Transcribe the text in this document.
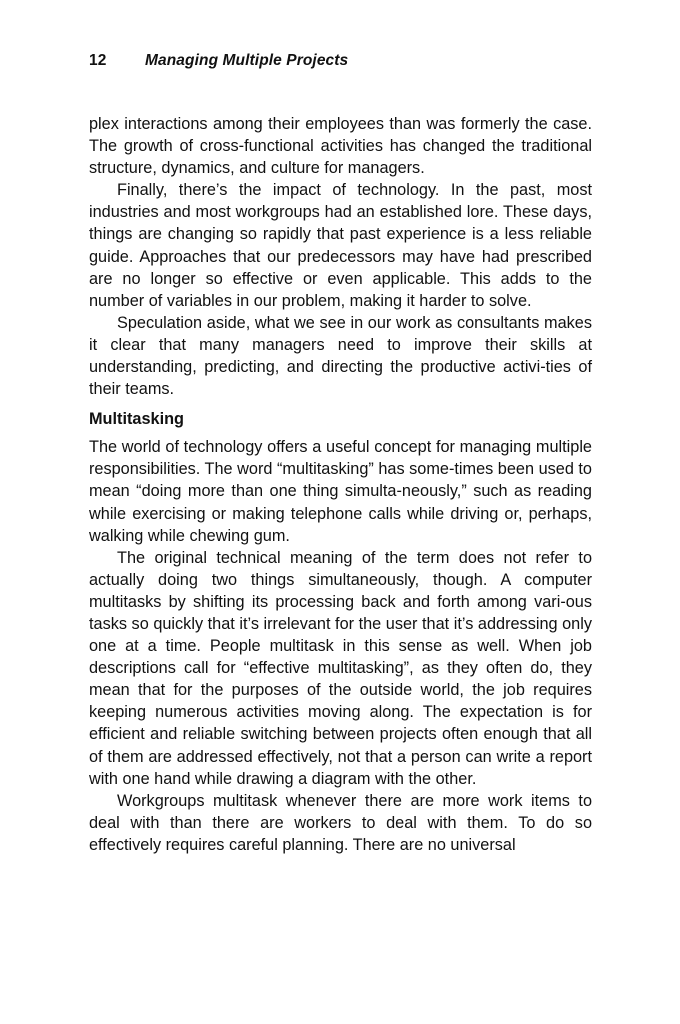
12 Managing Multiple Projects

plex interactions among their employees than was formerly the case. The growth of cross-functional activities has changed the traditional structure, dynamics, and culture for managers.

Finally, there’s the impact of technology. In the past, most industries and most workgroups had an established lore. These days, things are changing so rapidly that past experience is a less reliable guide. Approaches that our predecessors may have had prescribed are no longer so effective or even applicable. This adds to the number of variables in our problem, making it harder to solve.

Speculation aside, what we see in our work as consultants makes it clear that many managers need to improve their skills at understanding, predicting, and directing the productive activi-ties of their teams.

Multitasking

The world of technology offers a useful concept for managing multiple responsibilities. The word “multitasking” has some-times been used to mean “doing more than one thing simulta-neously,” such as reading while exercising or making telephone calls while driving or, perhaps, walking while chewing gum.

The original technical meaning of the term does not refer to actually doing two things simultaneously, though. A computer multitasks by shifting its processing back and forth among vari-ous tasks so quickly that it’s irrelevant for the user that it’s addressing only one at a time. People multitask in this sense as well. When job descriptions call for “effective multitasking”, as they often do, they mean that for the purposes of the outside world, the job requires keeping numerous activities moving along. The expectation is for efficient and reliable switching between projects often enough that all of them are addressed effectively, not that a person can write a report with one hand while drawing a diagram with the other.

Workgroups multitask whenever there are more work items to deal with than there are workers to deal with them. To do so effectively requires careful planning. There are no universal
